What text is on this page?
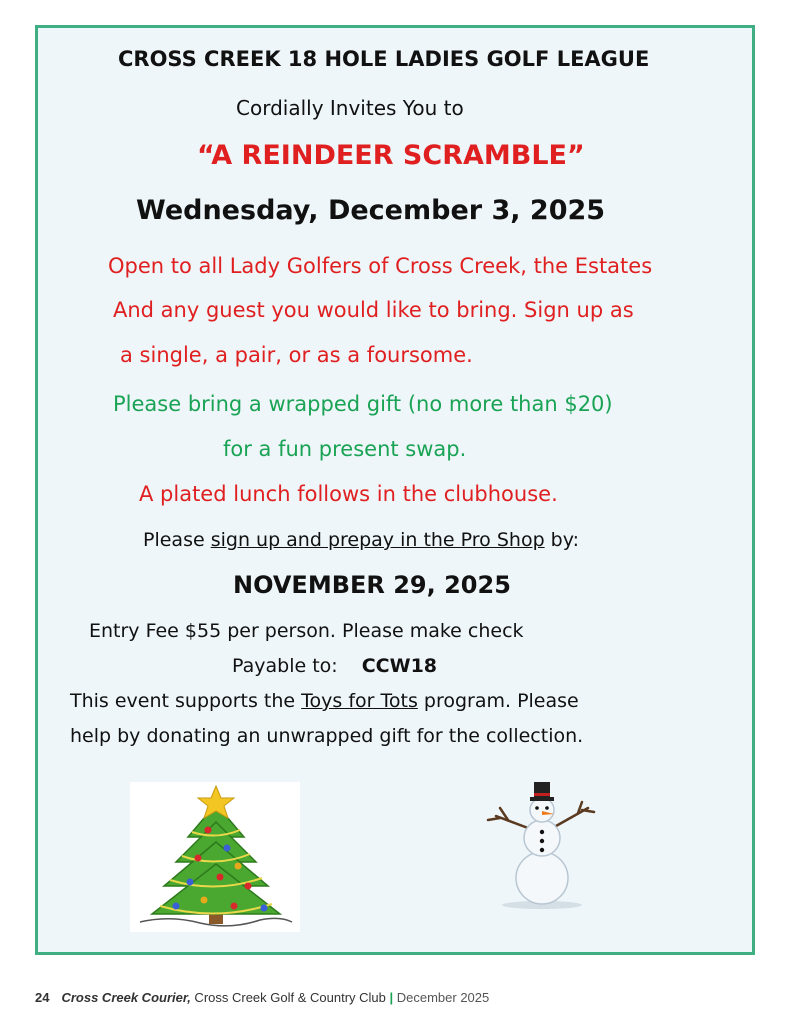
CROSS CREEK 18 HOLE LADIES GOLF LEAGUE
Cordially Invites You to
“A REINDEER SCRAMBLE”
Wednesday, December 3, 2025
Open to all Lady Golfers of Cross Creek, the Estates
And any guest you would like to bring. Sign up as
a single, a pair, or as a foursome.
Please bring a wrapped gift (no more than $20)
for a fun present swap.
A plated lunch follows in the clubhouse.
Please sign up and prepay in the Pro Shop by:
NOVEMBER 29, 2025
Entry Fee $55 per person. Please make check
Payable to: CCW18
This event supports the Toys for Tots program. Please
help by donating an unwrapped gift for the collection.
24 Cross Creek Courier, Cross Creek Golf & Country Club | December 2025
